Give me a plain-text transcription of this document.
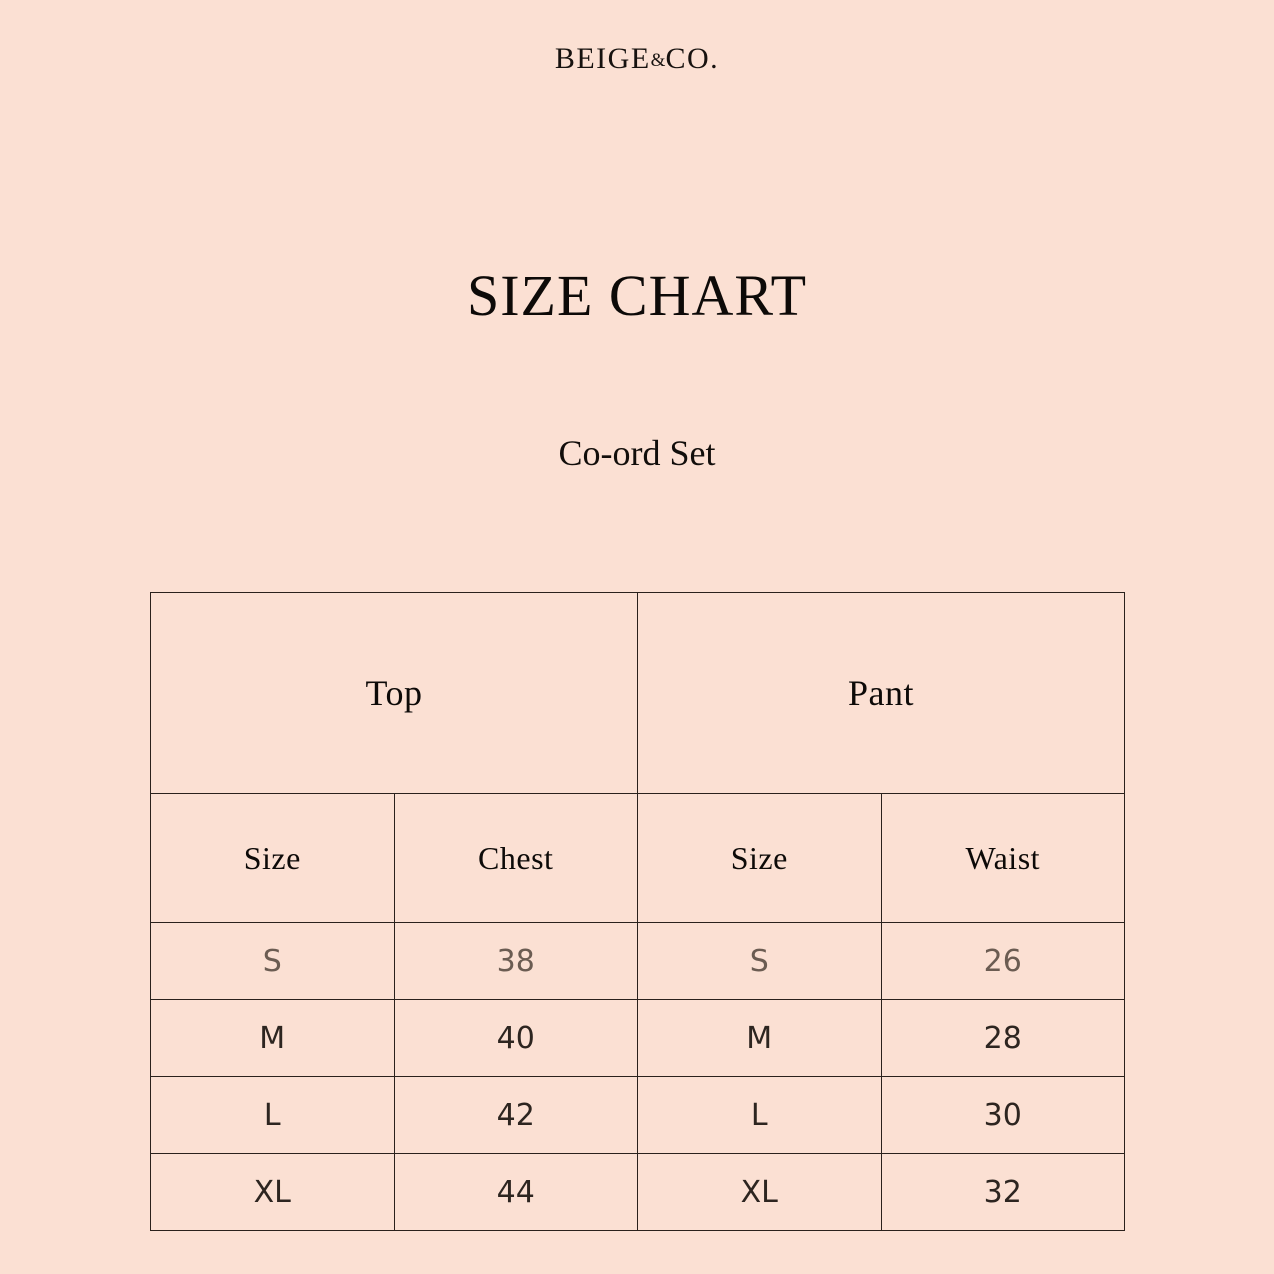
BEIGE&CO.
SIZE CHART
Co-ord Set
Top		Pant	
Size	Chest	Size	Waist
S	38	S	26
M	40	M	28
L	42	L	30
XL	44	XL	32
